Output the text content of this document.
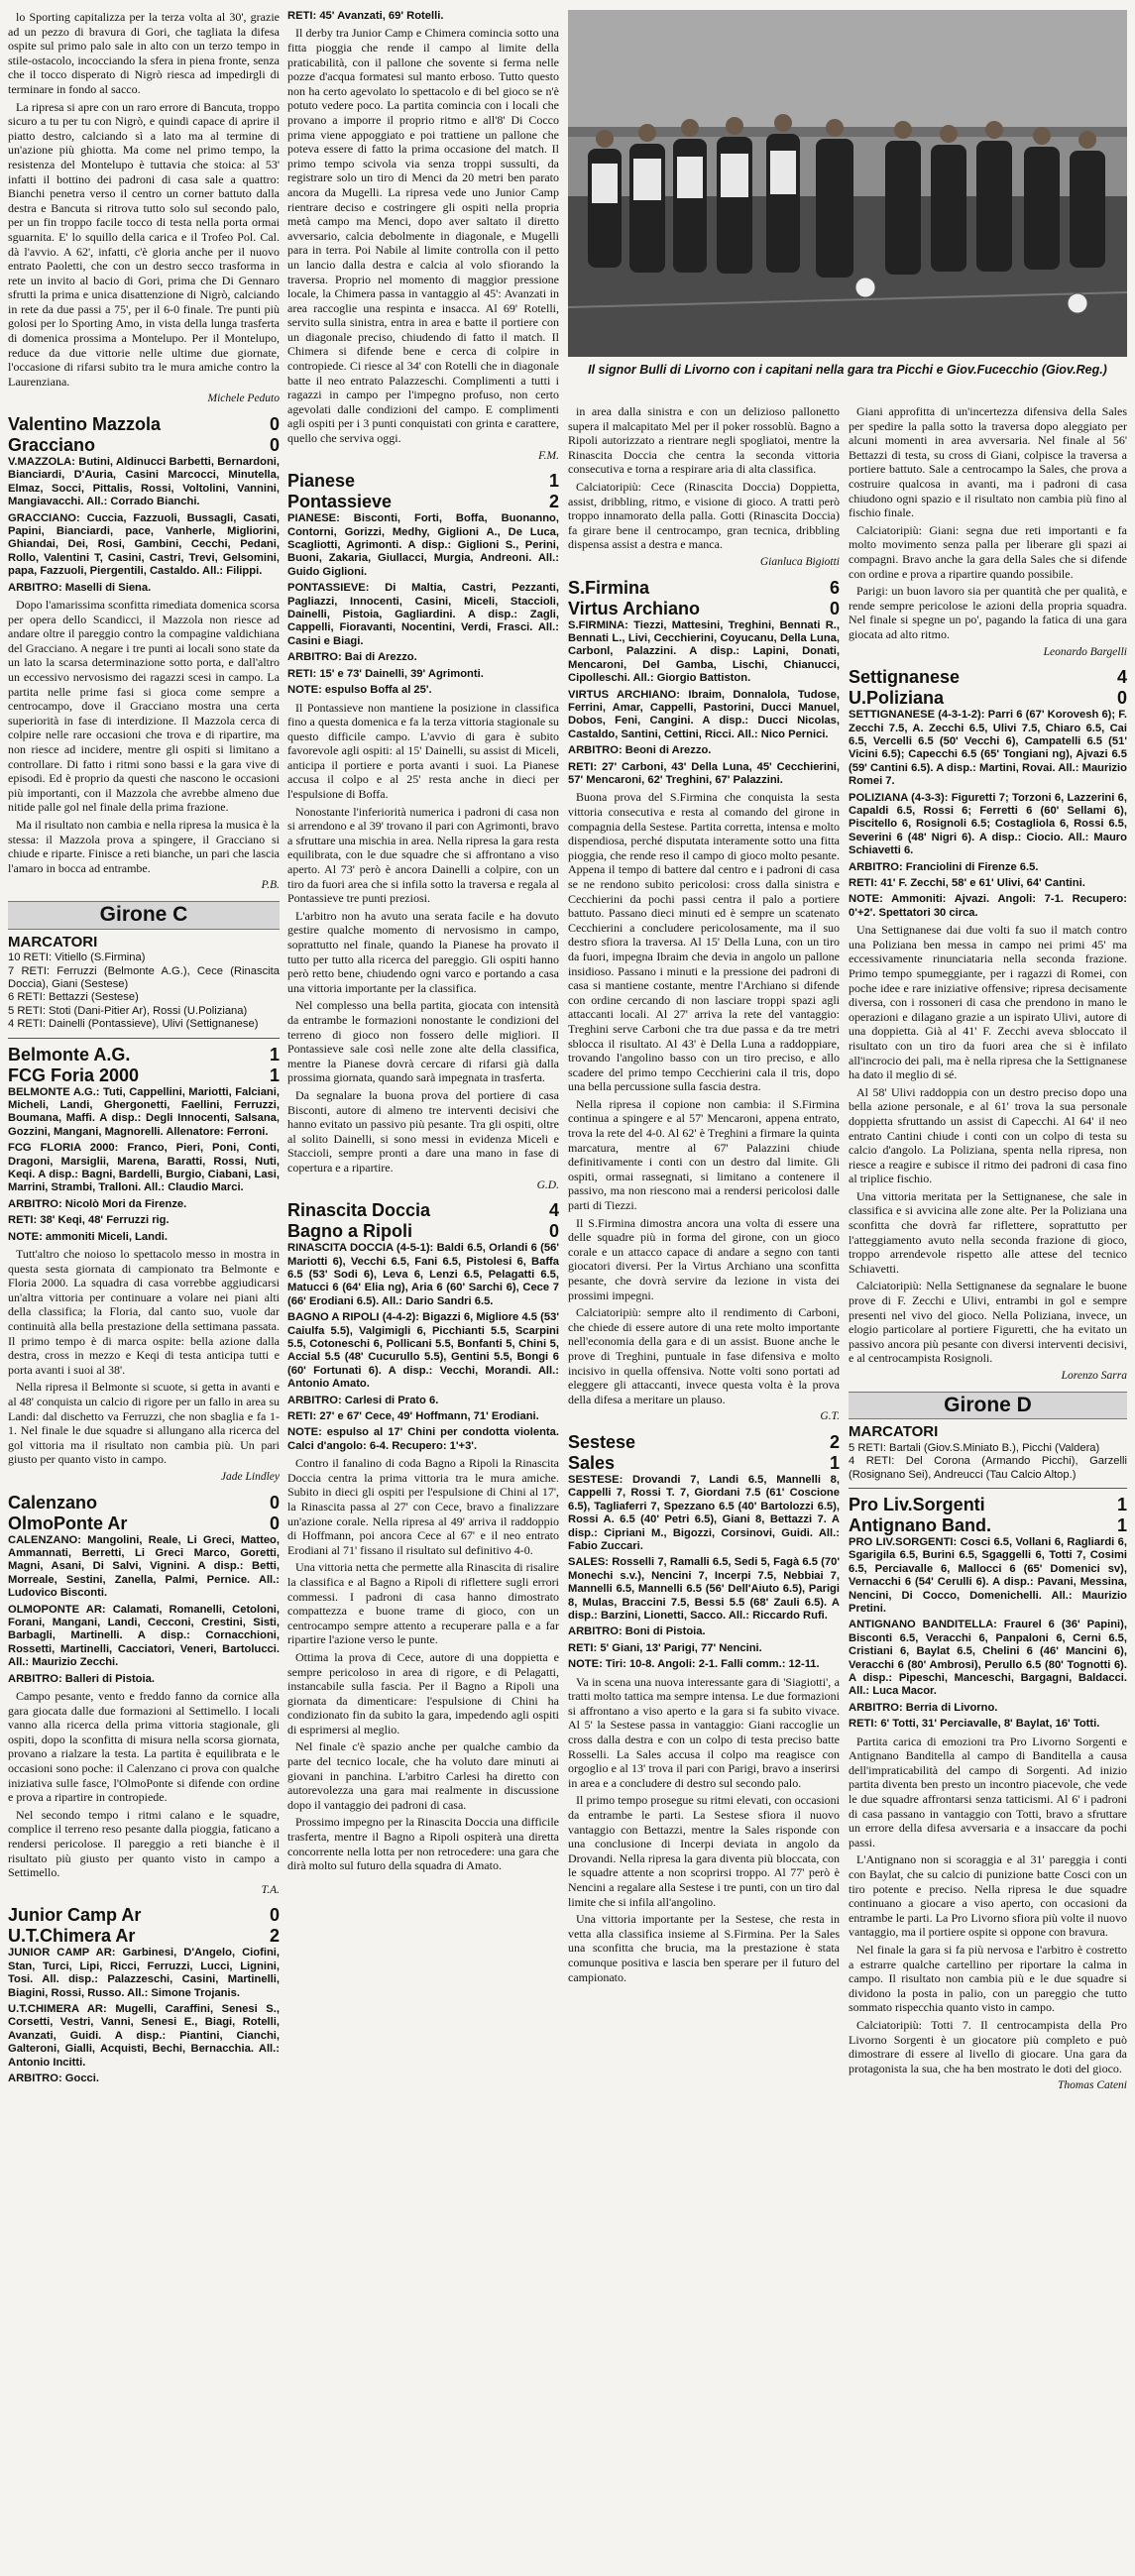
lo Sporting capitalizza per la terza volta al 30', grazie ad un pezzo di bravura di Gori, che tagliata la difesa ospite sul primo palo sale in alto con un terzo tempo in stile-ostacolo, incocciando la sfera in piena fronte, senza che il tocco disperato di Nigrò riesca ad impedirgli di terminare in fondo al sacco.

La ripresa si apre con un raro errore di Bancuta, troppo sicuro a tu per tu con Nigrò, e quindi capace di aprire il piatto destro, calciando sì a lato ma al termine di un'azione più ghiotta. Ma come nel primo tempo, la resistenza del Montelupo è tuttavia che stoica: al 53' infatti il bottino dei padroni di casa sale a quattro: Bianchi penetra verso il centro un corner battuto dalla destra e Bancuta si ritrova tutto solo sul secondo palo, per un fin troppo facile tocco di testa nella porta ormai sguarnita. E' lo squillo della carica e il Trofeo Pol. Cal. dà l'avvio. A 62', infatti, c'è gloria anche per il nuovo entrato Paoletti, che con un destro secco trasforma in rete un invito al bacio di Gori, prima che Di Gennaro sfrutti la prima e unica disattenzione di Nigrò, calciando in rete da due passi a 75', per il 6-0 finale. Tre punti più golosi per lo Sporting Amo, in vista della lunga trasferta di domenica prossima a Montelupo. Per il Montelupo, reduce da due vittorie nelle ultime due giornate, l'occasione di rifarsi subito tra le mura amiche contro la Laurenziana.

Michele Peduto
Valentino Mazzola	0
Gracciano	0

V.MAZZOLA: Butini, Aldinucci Barbetti, Bernardoni, Bianciardi, D'Auria, Casini Marcocci, Minutella, Elmaz, Socci, Pittalis, Rossi, Voltolini, Vannini, Mangiavacchi. All.: Corrado Bianchi.

GRACCIANO: Cuccia, Fazzuoli, Bussagli, Casati, Papini, Bianciardi, pace, Vanherle, Migliorini, Ghiandai, Dei, Rosi, Gambini, Cecchi, Pedani, Rollo, Valentini T, Casini, Castri, Trevi, Gelsomini, papa, Fazzuoli, Piergentili, Castaldo. All.: Filippi.

ARBITRO: Maselli di Siena.

Dopo l'amarissima sconfitta rimediata domenica scorsa per opera dello Scandicci, il Mazzola non riesce ad andare oltre il pareggio contro la compagine valdichiana del Gracciano. A negare i tre punti ai locali sono state da un lato la scarsa determinazione sotto porta, e dall'altro un eccessivo nervosismo dei ragazzi scesi in campo. La partita nelle prime fasi si gioca come sempre a centrocampo, dove il Gracciano mostra una certa superiorità in fase di interdizione. Il Mazzola cerca di colpire nelle rare occasioni che trova e di ripartire, ma non riesce ad incidere, mentre gli ospiti si limitano a controllare. Di fatto i ritmi sono bassi e la gara vive di episodi. Ed è proprio da questi che nascono le occasioni più importanti, con il Mazzola che avrebbe almeno due nitide palle gol nel finale della prima frazione.

Ma il risultato non cambia e nella ripresa la musica è la stessa: il Mazzola prova a spingere, il Gracciano si chiude e riparte. Finisce a reti bianche, un pari che lascia l'amaro in bocca ad entrambe.

P.B.
Girone C
MARCATORI
10 RETI: Vitiello (S.Firmina)
7 RETI: Ferruzzi (Belmonte A.G.), Cece (Rinascita Doccia), Giani (Sestese)
6 RETI: Bettazzi (Sestese)
5 RETI: Stoti (Dani-Pitier Ar), Rossi (U.Poliziana)
4 RETI: Dainelli (Pontassieve), Ulivi (Settignanese)
Belmonte A.G.	1
FCG Foria 2000	1

BELMONTE A.G.: Tuti, Cappellini, Mariotti, Falciani, Micheli, Landi, Ghergonetti, Faellini, Ferruzzi, Boumana, Maffi. A disp.: Degli Innocenti, Salsana, Gozzini, Mangani, Magnorelli. Allenatore: Ferroni.

FCG FLORIA 2000: Franco, Pieri, Poni, Conti, Dragoni, Marsiglii, Marena, Baratti, Rossi, Nuti, Keqi. A disp.: Bagni, Bardelli, Burgio, Ciabani, Lasi, Marrini, Strambi, Tralloni. All.: Claudio Marci.

ARBITRO: Nicolò Mori da Firenze.

RETI: 38' Keqi, 48' Ferruzzi rig.

NOTE: ammoniti Miceli, Landi.

Tutt'altro che noioso lo spettacolo messo in mostra in questa sesta giornata di campionato tra Belmonte e Floria 2000. La squadra di casa vorrebbe aggiudicarsi un'altra vittoria per continuare a volare nei piani alti della classifica; la Floria, dal canto suo, vuole dar continuità alla bella prestazione della settimana passata. Il primo tempo è di marca ospite: bella azione dalla destra, cross in mezzo e Keqi di testa anticipa tutti e porta avanti i suoi al 38'.

Nella ripresa il Belmonte si scuote, si getta in avanti e al 48' conquista un calcio di rigore per un fallo in area su Landi: dal dischetto va Ferruzzi, che non sbaglia e fa 1-1. Nel finale le due squadre si allungano alla ricerca del gol vittoria ma il risultato non cambia più. Un pari giusto per quanto visto in campo.

Jade Lindley
Calenzano	0
OlmoPonte Ar	0

CALENZANO: Mangolini, Reale, Li Greci, Matteo, Ammannati, Berretti, Li Greci Marco, Goretti, Magni, Asani, Di Salvi, Vignini. A disp.: Betti, Morreale, Sestini, Zanella, Palmi, Pernice. All.: Ludovico Bisconti.

OLMOPONTE AR: Calamati, Romanelli, Cetoloni, Forani, Mangani, Landi, Cecconi, Crestini, Sisti, Barbagli, Martinelli. A disp.: Cornacchioni, Rossetti, Martinelli, Cacciatori, Veneri, Bartolucci. All.: Maurizio Zecchi.

ARBITRO: Balleri di Pistoia.

Campo pesante, vento e freddo fanno da cornice alla gara giocata dalle due formazioni al Settimello. I locali vanno alla ricerca della prima vittoria stagionale, gli ospiti, dopo la sconfitta di misura nella scorsa giornata, provano a rialzare la testa. La partita è equilibrata e le occasioni sono poche: il Calenzano ci prova con qualche iniziativa sulle fasce, l'OlmoPonte si difende con ordine e prova a ripartire in contropiede.

Nel secondo tempo i ritmi calano e le squadre, complice il terreno reso pesante dalla pioggia, faticano a rendersi pericolose. Il pareggio a reti bianche è il risultato più giusto per quanto visto in campo a Settimello.

T.A.
Junior Camp Ar	0
U.T.Chimera Ar	2

JUNIOR CAMP AR: Garbinesi, D'Angelo, Ciofini, Stan, Turci, Lipi, Ricci, Ferruzzi, Lucci, Lignini, Tosi. All. disp.: Palazzeschi, Casini, Martinelli, Biagini, Rossi, Russo. All.: Simone Trojanis.

U.T.CHIMERA AR: Mugelli, Caraffini, Senesi S., Corsetti, Vestri, Vanni, Senesi E., Biagi, Rotelli, Avanzati, Guidi. A disp.: Piantini, Cianchi, Galteroni, Gialli, Acquisti, Bechi, Bernacchia. All.: Antonio Incitti.

ARBITRO: Gocci.

RETI: 45' Avanzati, 69' Rotelli.

Il derby tra Junior Camp e Chimera comincia sotto una fitta pioggia che rende il campo al limite della praticabilità, con il pallone che sovente si ferma nelle pozze d'acqua formatesi sul manto erboso. Tutto questo non ha certo agevolato lo spettacolo e di bel gioco se n'è potuto vedere poco. La partita comincia con i locali che provano a imporre il proprio ritmo e all'8' Di Cocco prima viene appoggiato e poi trattiene un pallone che poteva essere di fatto la prima occasione del match. Il primo tempo scivola via senza troppi sussulti, da registrare solo un tiro di Menci da 20 metri ben parato ancora da Mugelli. La ripresa vede uno Junior Camp rientrare deciso e costringere gli ospiti nella propria metà campo ma Menci, dopo aver saltato il diretto avversario, calcia debolmente in diagonale, e Mugelli para in terra. Poi Nabile al limite controlla con il petto un lancio dalla destra e calcia al volo sfiorando la traversa. Proprio nel momento di maggior pressione locale, la Chimera passa in vantaggio al 45': Avanzati in area raccoglie una respinta e insacca. Al 69' Rotelli, servito sulla sinistra, entra in area e batte il portiere con un diagonale preciso, chiudendo di fatto il match. Il Chimera si difende bene e cerca di colpire in contropiede. Ci riesce al 34' con Rotelli che in diagonale batte il neo entrato Palazzeschi. Complimenti a tutti i ragazzi in campo per l'impegno profuso, non certo agevolati dalle condizioni del campo. E complimenti agli ospiti per i 3 punti conquistati con grinta e carattere, quello che serviva oggi.

F.M.
Pianese	1
Pontassieve	2

PIANESE: Bisconti, Forti, Boffa, Buonanno, Contorni, Gorizzi, Medhy, Giglioni A., De Luca, Scagliotti, Agrimonti. A disp.: Giglioni S., Perini, Buoni, Zakaria, Giullacci, Murgia, Andreoni. All.: Guido Giglioni.

PONTASSIEVE: Di Maltia, Castri, Pezzanti, Pagliazzi, Innocenti, Casini, Miceli, Staccioli, Dainelli, Pistoia, Gagliardini. A disp.: Zagli, Cappelli, Fioravanti, Nocentini, Verdi, Frasci. All.: Casini e Biagi.

ARBITRO: Bai di Arezzo.

RETI: 15' e 73' Dainelli, 39' Agrimonti.

NOTE: espulso Boffa al 25'.

Il Pontassieve non mantiene la posizione in classifica fino a questa domenica e fa la terza vittoria stagionale su questo difficile campo. L'avvio di gara è subito favorevole agli ospiti: al 15' Dainelli, su assist di Miceli, anticipa il portiere e porta avanti i suoi. La Pianese accusa il colpo e al 25' resta anche in dieci per l'espulsione di Boffa.

Nonostante l'inferiorità numerica i padroni di casa non si arrendono e al 39' trovano il pari con Agrimonti, bravo a sfruttare una mischia in area. Nella ripresa la gara resta equilibrata, con le due squadre che si affrontano a viso aperto. Al 73' però è ancora Dainelli a colpire, con un tiro da fuori area che si infila sotto la traversa e regala al Pontassieve tre punti preziosi.

L'arbitro non ha avuto una serata facile e ha dovuto gestire qualche momento di nervosismo in campo, soprattutto nel finale, quando la Pianese ha provato il tutto per tutto alla ricerca del pareggio. Gli ospiti hanno però retto bene, chiudendo ogni varco e portando a casa una vittoria importante per la classifica.

Nel complesso una bella partita, giocata con intensità da entrambe le formazioni nonostante le condizioni del terreno di gioco non fossero delle migliori. Il Pontassieve sale così nelle zone alte della classifica, mentre la Pianese dovrà cercare di rifarsi già dalla prossima giornata, quando sarà impegnata in trasferta.

Da segnalare la buona prova del portiere di casa Bisconti, autore di almeno tre interventi decisivi che hanno evitato un passivo più pesante. Tra gli ospiti, oltre al solito Dainelli, si sono messi in evidenza Miceli e Staccioli, sempre pronti a dare una mano in fase di copertura e a ripartire.

G.D.
Rinascita Doccia	4
Bagno a Ripoli	0

RINASCITA DOCCIA (4-5-1): Baldi 6.5, Orlandi 6 (56' Mariotti 6), Vecchi 6.5, Fani 6.5, Pistolesi 6, Baffa 6.5 (53' Sodi 6), Leva 6, Lenzi 6.5, Pelagatti 6.5, Matucci 6 (64' Elia ng), Aria 6 (60' Sarchi 6), Cece 7 (66' Erodiani 6.5). All.: Dario Sandri 6.5.

BAGNO A RIPOLI (4-4-2): Bigazzi 6, Migliore 4.5 (53' Caiulfa 5.5), Valgimigli 6, Picchianti 5.5, Scarpini 5.5, Cotoneschi 6, Pollicani 5.5, Bonfanti 5, Chini 5, Accial 5.5 (48' Cucurullo 5.5), Gentini 5.5, Bongi 6 (60' Fortunati 6). A disp.: Vecchi, Morandi. All.: Antonio Amato.

ARBITRO: Carlesi di Prato 6.

RETI: 27' e 67' Cece, 49' Hoffmann, 71' Erodiani.

NOTE: espulso al 17' Chini per condotta violenta. Calci d'angolo: 6-4. Recupero: 1'+3'.

Contro il fanalino di coda Bagno a Ripoli la Rinascita Doccia centra la prima vittoria tra le mura amiche. Subito in dieci gli ospiti per l'espulsione di Chini al 17', la Rinascita passa al 27' con Cece, bravo a finalizzare un'azione corale. Nella ripresa al 49' arriva il raddoppio di Hoffmann, poi ancora Cece al 67' e il neo entrato Erodiani al 71' fissano il risultato sul definitivo 4-0.

Una vittoria netta che permette alla Rinascita di risalire la classifica e al Bagno a Ripoli di riflettere sugli errori commessi. I padroni di casa hanno dimostrato compattezza e buone trame di gioco, con un centrocampo sempre attento a recuperare palla e a far ripartire l'azione verso le punte.

Ottima la prova di Cece, autore di una doppietta e sempre pericoloso in area di rigore, e di Pelagatti, instancabile sulla fascia. Per il Bagno a Ripoli una giornata da dimenticare: l'espulsione di Chini ha condizionato fin da subito la gara, impedendo agli ospiti di esprimersi al meglio.

Nel finale c'è spazio anche per qualche cambio da parte del tecnico locale, che ha voluto dare minuti ai giovani in panchina. L'arbitro Carlesi ha diretto con autorevolezza una gara mai realmente in discussione dopo il vantaggio dei padroni di casa.

Prossimo impegno per la Rinascita Doccia una difficile trasferta, mentre il Bagno a Ripoli ospiterà una diretta concorrente nella lotta per non retrocedere: una gara che dirà molto sul futuro della squadra di Amato.

Il signor Bulli di Livorno con i capitani nella gara tra Picchi e Giov.Fucecchio (Giov.Reg.)

in area dalla sinistra e con un delizioso pallonetto supera il malcapitato Mel per il poker rossoblù. Bagno a Ripoli autorizzato a rientrare negli spogliatoi, mentre la Rinascita Doccia che centra la seconda vittoria consecutiva e torna a respirare aria di alta classifica.

Calciatoripiù: Cece (Rinascita Doccia) Doppietta, assist, dribbling, ritmo, e visione di gioco. A tratti però troppo innamorato della palla. Gotti (Rinascita Doccia) fa girare bene il centrocampo, gran tecnica, dribbling dispensa assist a destra e manca.

Gianluca Bigiotti
S.Firmina	6
Virtus Archiano	0

S.FIRMINA: Tiezzi, Mattesini, Treghini, Bennati R., Bennati L., Livi, Cecchierini, Coyucanu, Della Luna, Carbonl, Palazzini. A disp.: Lapini, Donati, Mencaroni, Del Gamba, Lischi, Chianucci, Cipolleschi. All.: Giorgio Battiston.

VIRTUS ARCHIANO: Ibraim, Donnalola, Tudose, Ferrini, Amar, Cappelli, Pastorini, Ducci Manuel, Dobos, Feni, Cangini. A disp.: Ducci Nicolas, Castaldo, Santini, Cettini, Ricci. All.: Nico Pernici.

ARBITRO: Beoni di Arezzo.

RETI: 27' Carboni, 43' Della Luna, 45' Cecchierini, 57' Mencaroni, 62' Treghini, 67' Palazzini.

Buona prova del S.Firmina che conquista la sesta vittoria consecutiva e resta al comando del girone in compagnia della Sestese. Partita corretta, intensa e molto dispendiosa, perché disputata interamente sotto una fitta pioggia, che rende reso il campo di gioco molto pesante. Appena il tempo di battere dal centro e i padroni di casa se ne rendono subito pericolosi: cross dalla sinistra e Cecchierini da pochi passi centra il palo a portiere battuto. Passano dieci minuti ed è sempre un scatenato Cecchierini a concludere pericolosamente, ma il suo destro sfiora la traversa. Al 15' Della Luna, con un tiro da fuori, impegna Ibraim che devia in angolo un pallone insidioso. Passano i minuti e la pressione dei padroni di casa si mantiene costante, mentre l'Archiano si difende con ordine cercando di non lasciare troppi spazi agli attaccanti locali. Al 27' arriva la rete del vantaggio: Treghini serve Carboni che tra due passa e da tre metri sblocca il risultato. Al 43' è Della Luna a raddoppiare, trovando l'angolino basso con un tiro preciso, e allo scadere del primo tempo Cecchierini cala il tris, dopo una bella percussione sulla fascia destra.

Nella ripresa il copione non cambia: il S.Firmina continua a spingere e al 57' Mencaroni, appena entrato, trova la rete del 4-0. Al 62' è Treghini a firmare la quinta marcatura, mentre al 67' Palazzini chiude definitivamente i conti con un destro dal limite. Gli ospiti, ormai rassegnati, si limitano a contenere il passivo, ma non riescono mai a rendersi pericolosi dalle parti di Tiezzi.

Il S.Firmina dimostra ancora una volta di essere una delle squadre più in forma del girone, con un gioco corale e un attacco capace di andare a segno con tanti giocatori diversi. Per la Virtus Archiano una sconfitta pesante, che dovrà servire da lezione in vista dei prossimi impegni.

Calciatoripiù: sempre alto il rendimento di Carboni, che chiede di essere autore di una rete molto importante nell'economia della gara e di un assist. Buone anche le prove di Treghini, puntuale in fase difensiva e molto incisivo in quella offensiva. Notte volti sono portati ad eleggere gli attaccanti, invece questa volta è la prova della difesa a meritare un plauso.

G.T.
Sestese	2
Sales	1

SESTESE: Drovandi 7, Landi 6.5, Mannelli 8, Cappelli 7, Rossi T. 7, Giordani 7.5 (61' Coscione 6.5), Tagliaferri 7, Spezzano 6.5 (40' Bartolozzi 6.5), Rossi A. 6.5 (40' Petri 6.5), Giani 8, Bettazzi 7. A disp.: Cipriani M., Bigozzi, Corsinovi, Guidi. All.: Fabio Zuccari.

SALES: Rosselli 7, Ramalli 6.5, Sedi 5, Fagà 6.5 (70' Monechi s.v.), Nencini 7, Incerpi 7.5, Nebbiai 7, Mannelli 6.5, Mannelli 6.5 (56' Dell'Aiuto 6.5), Parigi 8, Mulas, Braccini 7.5, Bessi 5.5 (68' Zauli 6.5). A disp.: Barzini, Lionetti, Sacco. All.: Riccardo Rufi.

ARBITRO: Boni di Pistoia.

RETI: 5' Giani, 13' Parigi, 77' Nencini.

NOTE: Tiri: 10-8. Angoli: 2-1. Falli comm.: 12-11.

Va in scena una nuova interessante gara di 'Siagiotti', a tratti molto tattica ma sempre intensa. Le due formazioni si affrontano a viso aperto e la gara si fa subito vivace. Al 5' la Sestese passa in vantaggio: Giani raccoglie un cross dalla destra e con un colpo di testa preciso batte Rosselli. La Sales accusa il colpo ma reagisce con orgoglio e al 13' trova il pari con Parigi, bravo a inserirsi in area e a concludere di destro sul secondo palo.

Il primo tempo prosegue su ritmi elevati, con occasioni da entrambe le parti. La Sestese sfiora il nuovo vantaggio con Bettazzi, mentre la Sales risponde con una conclusione di Incerpi deviata in angolo da Drovandi. Nella ripresa la gara diventa più bloccata, con le squadre attente a non scoprirsi troppo. Al 77' però è Nencini a regalare alla Sestese i tre punti, con un tiro dal limite che si infila all'angolino.

Una vittoria importante per la Sestese, che resta in vetta alla classifica insieme al S.Firmina. Per la Sales una sconfitta che brucia, ma la prestazione è stata comunque positiva e lascia ben sperare per il futuro del campionato.

Giani approfitta di un'incertezza difensiva della Sales per spedire la palla sotto la traversa dopo aleggiato per alcuni momenti in area avversaria. Nel finale al 56' Bettazzi di testa, su cross di Giani, colpisce la traversa a portiere battuto. Sale a centrocampo la Sales, che prova a costruire qualcosa in avanti, ma i padroni di casa chiudono ogni spazio e il risultato non cambia più fino al fischio finale.

Calciatoripiù: Giani: segna due reti importanti e fa molto movimento senza palla per liberare gli spazi ai compagni. Bravo anche la gara della Sales che si difende con ordine e prova a ripartire quando possibile.

Parigi: un buon lavoro sia per quantità che per qualità, e rende sempre pericolose le azioni della propria squadra. Nel finale si spegne un po', pagando la fatica di una gara giocata ad alto ritmo.

Leonardo Bargelli
Settignanese	4
U.Poliziana	0

SETTIGNANESE (4-3-1-2): Parri 6 (67' Korovesh 6); F. Zecchi 7.5, A. Zecchi 6.5, Ulivi 7.5, Chiaro 6.5, Cai 6.5, Vercelli 6.5 (50' Vecchi 6), Campatelli 6.5 (51' Vicini 6.5); Capecchi 6.5 (65' Tongiani ng), Ajvazi 6.5 (59' Cantini 6.5). A disp.: Martini, Rovai. All.: Maurizio Romei 7.

POLIZIANA (4-3-3): Figuretti 7; Torzoni 6, Lazzerini 6, Capaldi 6.5, Rossi 6; Ferretti 6 (60' Sellami 6), Piscitello 6, Rosignoli 6.5; Costagliola 6, Rossi 6.5, Severini 6 (48' Nigri 6). A disp.: Ciocio. All.: Mauro Schiavetti 6.

ARBITRO: Franciolini di Firenze 6.5.

RETI: 41' F. Zecchi, 58' e 61' Ulivi, 64' Cantini.

NOTE: Ammoniti: Ajvazi. Angoli: 7-1. Recupero: 0'+2'. Spettatori 30 circa.

Una Settignanese dai due volti fa suo il match contro una Poliziana ben messa in campo nei primi 45' ma eccessivamente rinunciataria nella seconda frazione. Primo tempo spumeggiante, per i ragazzi di Romei, con poche idee e rare iniziative offensive; ripresa decisamente diversa, con i rossoneri di casa che prendono in mano le operazioni e dilagano grazie a un ispirato Ulivi, autore di una doppietta. Già al 41' F. Zecchi aveva sbloccato il risultato con un tiro da fuori area che si è infilato all'incrocio dei pali, ma è nella ripresa che la Settignanese ha dato il meglio di sé.

Al 58' Ulivi raddoppia con un destro preciso dopo una bella azione personale, e al 61' trova la sua personale doppietta sfruttando un assist di Capecchi. Al 64' il neo entrato Cantini chiude i conti con un colpo di testa su calcio d'angolo. La Poliziana, spenta nella ripresa, non riesce a reagire e subisce il ritmo dei padroni di casa fino al triplice fischio.

Una vittoria meritata per la Settignanese, che sale in classifica e si avvicina alle zone alte. Per la Poliziana una sconfitta che dovrà far riflettere, soprattutto per l'atteggiamento avuto nella seconda frazione di gioco, troppo arrendevole rispetto alle attese del tecnico Schiavetti.

Calciatoripiù: Nella Settignanese da segnalare le buone prove di F. Zecchi e Ulivi, entrambi in gol e sempre presenti nel vivo del gioco. Nella Poliziana, invece, un elogio particolare al portiere Figuretti, che ha evitato un passivo ancora più pesante con diversi interventi decisivi, e al centrocampista Rosignoli.

Lorenzo Sarra
Girone D
MARCATORI
5 RETI: Bartali (Giov.S.Miniato B.), Picchi (Valdera)
4 RETI: Del Corona (Armando Picchi), Garzelli (Rosignano Sei), Andreucci (Tau Calcio Altop.)
Pro Liv.Sorgenti	1
Antignano Band.	1

PRO LIV.SORGENTI: Cosci 6.5, Vollani 6, Ragliardi 6, Sgarigila 6.5, Burini 6.5, Sgaggelli 6, Totti 7, Cosimi 6.5, Perciavalle 6, Mallocci 6 (65' Domenici sv), Vernacchi 6 (54' Cerulli 6). A disp.: Pavani, Messina, Nencini, Di Cocco, Domenichelli. All.: Maurizio Pretini.

ANTIGNANO BANDITELLA: Fraurel 6 (36' Papini), Bisconti 6.5, Veracchi 6, Panpaloni 6, Cerni 6.5, Cristiani 6, Baylat 6.5, Chelini 6 (46' Mancini 6), Veracchi 6 (80' Ambrosi), Perullo 6.5 (80' Tognotti 6). A disp.: Pipeschi, Manceschi, Bargagni, Baldacci. All.: Luca Macor.

ARBITRO: Berria di Livorno.

RETI: 6' Totti, 31' Perciavalle, 8' Baylat, 16' Totti.

Partita carica di emozioni tra Pro Livorno Sorgenti e Antignano Banditella al campo di Banditella a causa dell'impraticabilità del campo di Sorgenti. Ad inizio partita diventa ben presto un incontro piacevole, che vede le due squadre affrontarsi senza tatticismi. Al 6' i padroni di casa passano in vantaggio con Totti, bravo a sfruttare un errore della difesa avversaria e a insaccare da pochi passi.

L'Antignano non si scoraggia e al 31' pareggia i conti con Baylat, che su calcio di punizione batte Cosci con un tiro potente e preciso. Nella ripresa le due squadre continuano a giocare a viso aperto, con occasioni da entrambe le parti. La Pro Livorno sfiora più volte il nuovo vantaggio, ma il portiere ospite si oppone con bravura.

Nel finale la gara si fa più nervosa e l'arbitro è costretto a estrarre qualche cartellino per riportare la calma in campo. Il risultato non cambia più e le due squadre si dividono la posta in palio, con un pareggio che tutto sommato rispecchia quanto visto in campo.

Calciatoripiù: Totti 7. Il centrocampista della Pro Livorno Sorgenti è un giocatore più completo e può dimostrare di essere al livello di giocare. Una gara da protagonista la sua, che ha ben mostrato le doti del gioco.

Thomas Cateni
